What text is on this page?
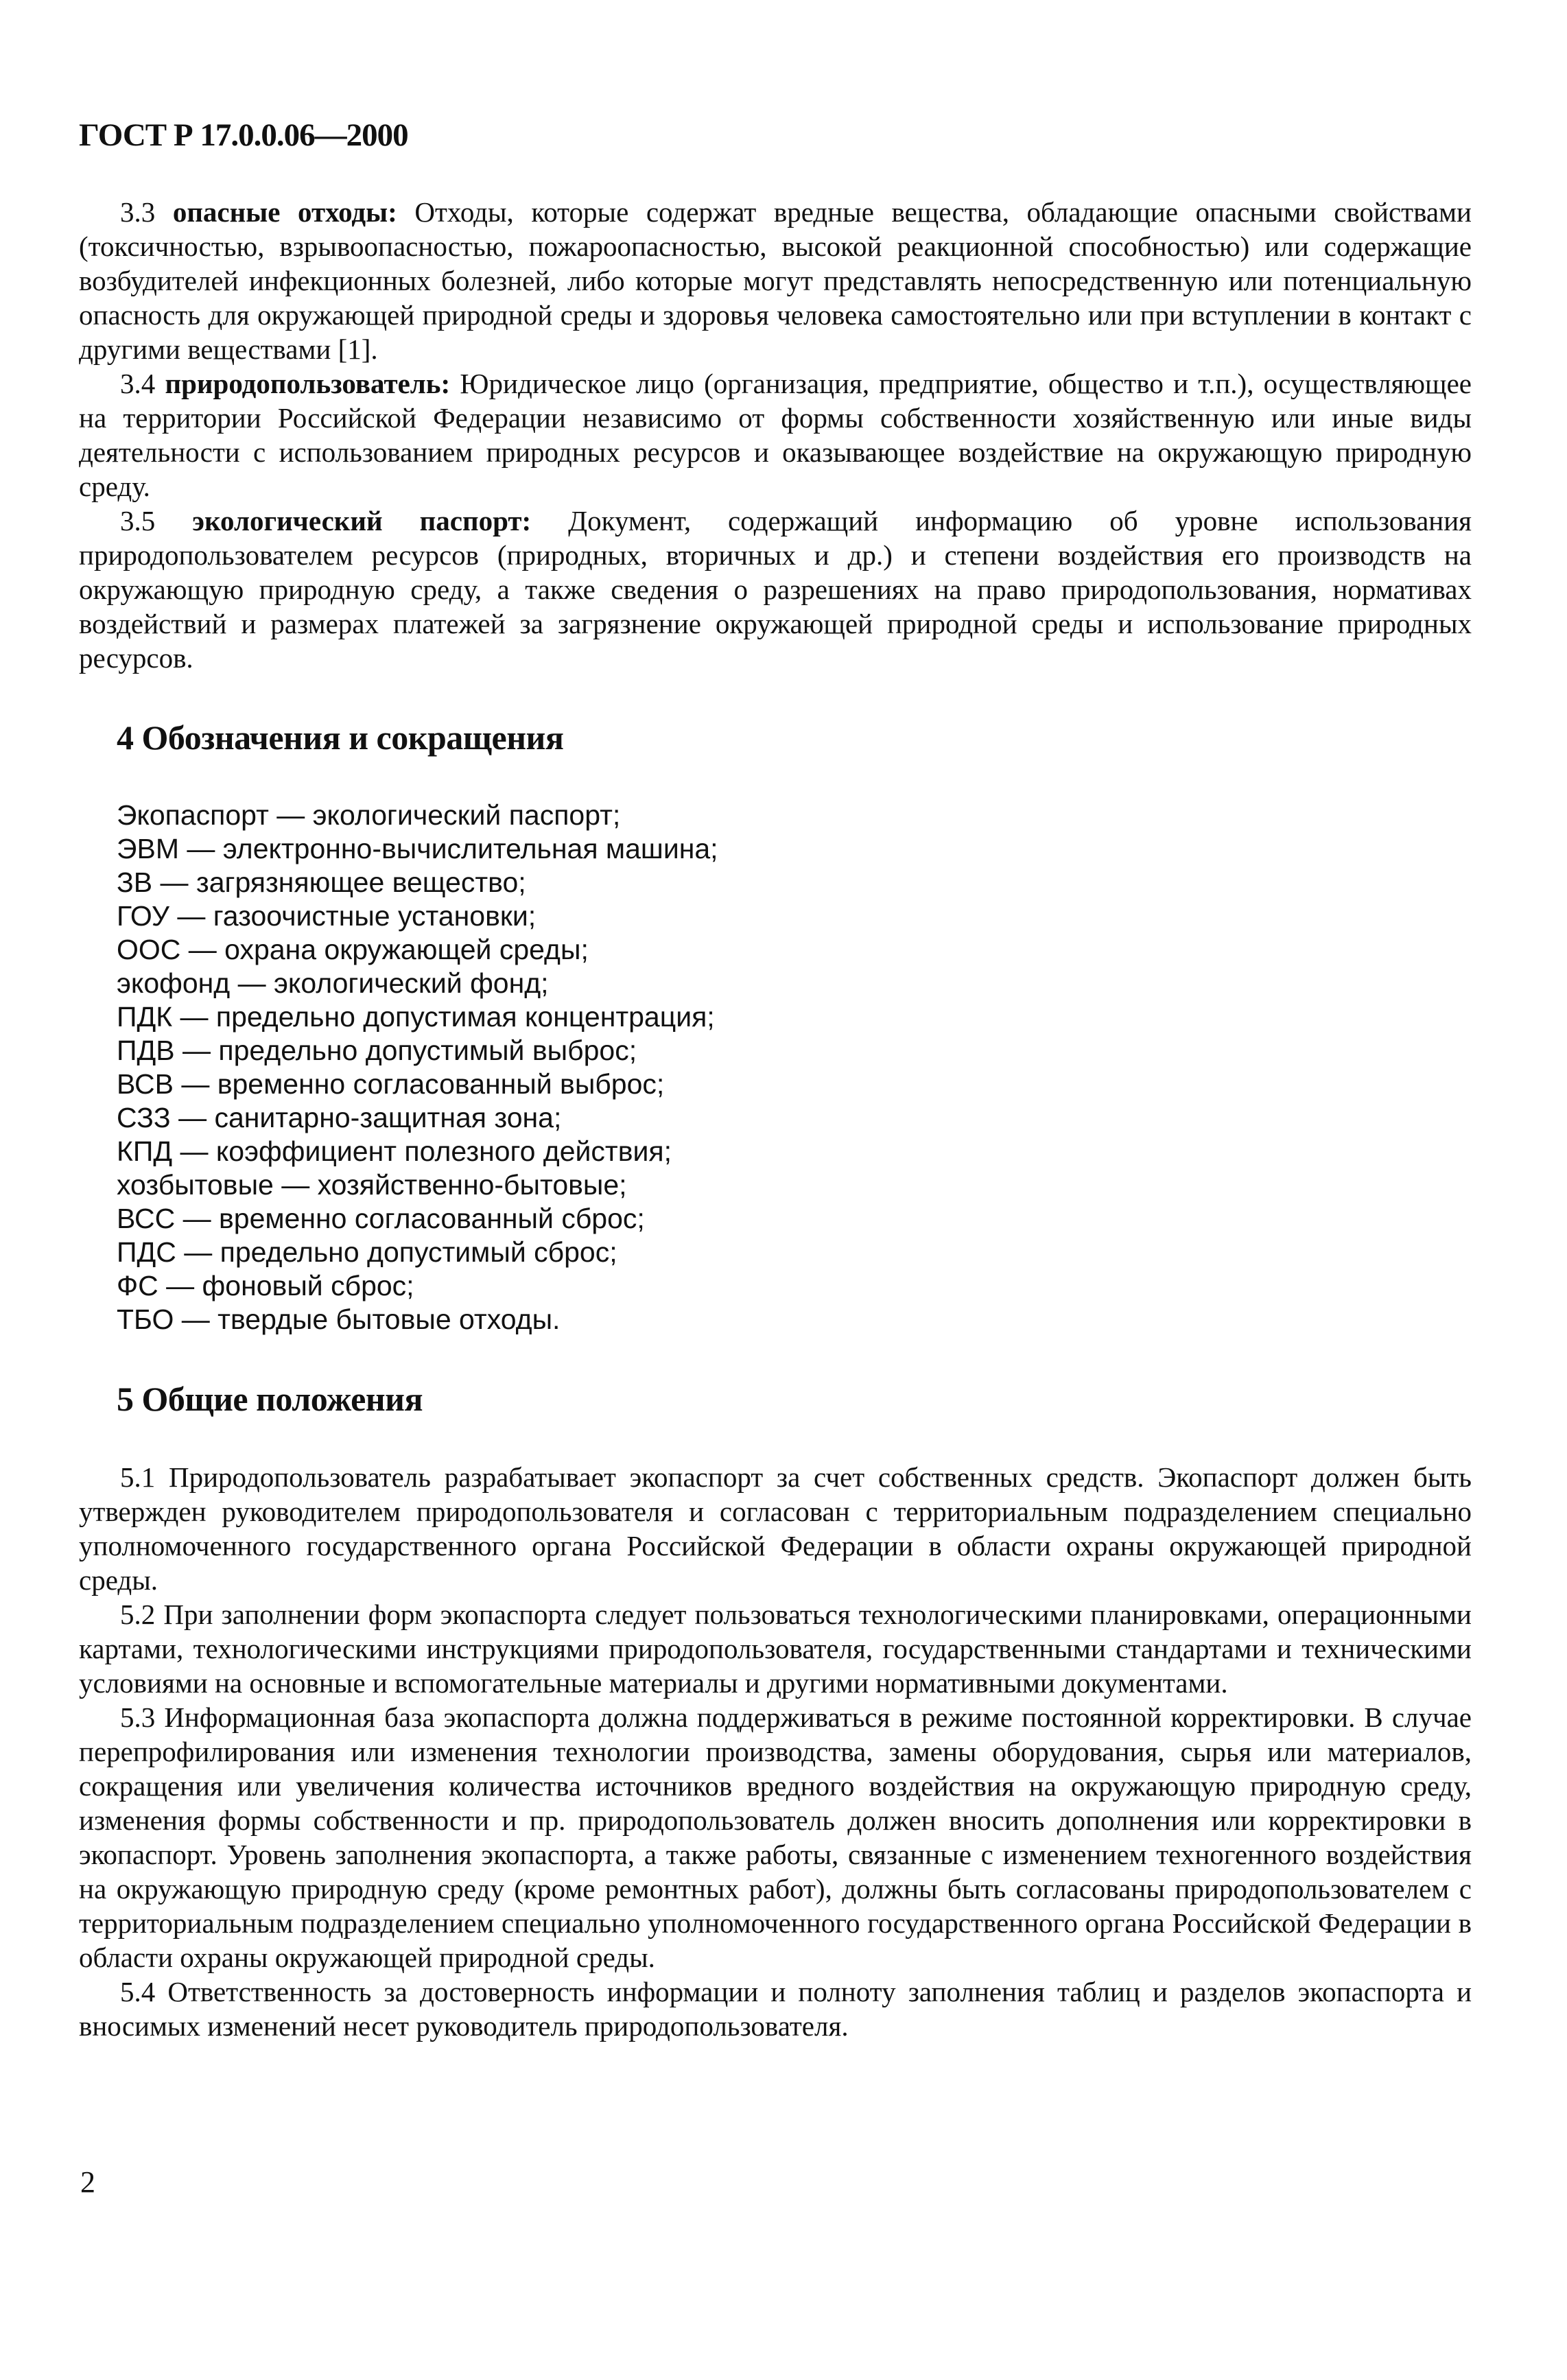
ГОСТ Р 17.0.0.06—2000

3.3 опасные отходы: Отходы, которые содержат вредные вещества, обладающие опасными свойствами (токсичностью, взрывоопасностью, пожароопасностью, высокой реакционной способностью) или содержащие возбудителей инфекционных болезней, либо которые могут представлять непосредственную или потенциальную опасность для окружающей природной среды и здоровья человека самостоятельно или при вступлении в контакт с другими веществами [1].

3.4 природопользователь: Юридическое лицо (организация, предприятие, общество и т.п.), осуществляющее на территории Российской Федерации независимо от формы собственности хозяйственную или иные виды деятельности с использованием природных ресурсов и оказывающее воздействие на окружающую природную среду.

3.5 экологический паспорт: Документ, содержащий информацию об уровне использования природопользователем ресурсов (природных, вторичных и др.) и степени воздействия его производств на окружающую природную среду, а также сведения о разрешениях на право природопользования, нормативах воздействий и размерах платежей за загрязнение окружающей природной среды и использование природных ресурсов.

4 Обозначения и сокращения
Экопаспорт — экологический паспорт;
ЭВМ — электронно-вычислительная машина;
ЗВ — загрязняющее вещество;
ГОУ — газоочистные установки;
ООС — охрана окружающей среды;
экофонд — экологический фонд;
ПДК — предельно допустимая концентрация;
ПДВ — предельно допустимый выброс;
ВСВ — временно согласованный выброс;
СЗЗ — санитарно-защитная зона;
КПД — коэффициент полезного действия;
хозбытовые — хозяйственно-бытовые;
ВСС — временно согласованный сброс;
ПДС — предельно допустимый сброс;
ФС — фоновый сброс;
ТБО — твердые бытовые отходы.
5 Общие положения

5.1 Природопользователь разрабатывает экопаспорт за счет собственных средств. Экопаспорт должен быть утвержден руководителем природопользователя и согласован с территориальным подразделением специально уполномоченного государственного органа Российской Федерации в области охраны окружающей природной среды.

5.2 При заполнении форм экопаспорта следует пользоваться технологическими планировками, операционными картами, технологическими инструкциями природопользователя, государственными стандартами и техническими условиями на основные и вспомогательные материалы и другими нормативными документами.

5.3 Информационная база экопаспорта должна поддерживаться в режиме постоянной корректировки. В случае перепрофилирования или изменения технологии производства, замены оборудования, сырья или материалов, сокращения или увеличения количества источников вредного воздействия на окружающую природную среду, изменения формы собственности и пр. природопользователь должен вносить дополнения или корректировки в экопаспорт. Уровень заполнения экопаспорта, а также работы, связанные с изменением техногенного воздействия на окружающую природную среду (кроме ремонтных работ), должны быть согласованы природопользователем с территориальным подразделением специально уполномоченного государственного органа Российской Федерации в области охраны окружающей природной среды.

5.4 Ответственность за достоверность информации и полноту заполнения таблиц и разделов экопаспорта и вносимых изменений несет руководитель природопользователя.

2
